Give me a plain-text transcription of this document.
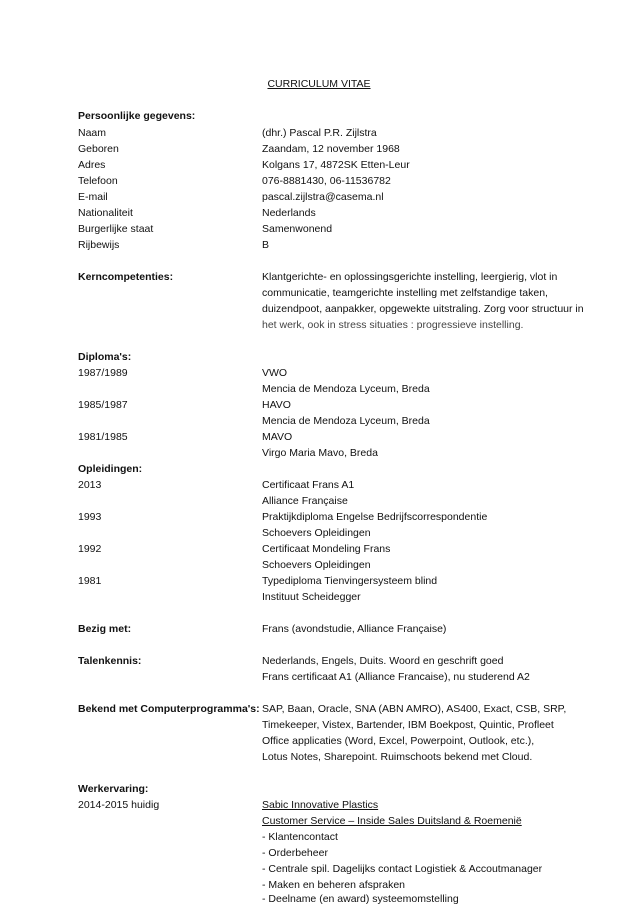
CURRICULUM VITAE
Persoonlijke gegevens:
Naam	(dhr.) Pascal P.R. Zijlstra
Geboren	Zaandam, 12 november 1968
Adres	Kolgans 17, 4872SK Etten-Leur
Telefoon	076-8881430, 06-11536782
E-mail	pascal.zijlstra@casema.nl
Nationaliteit	Nederlands
Burgerlijke staat	Samenwonend
Rijbewijs	B
Kerncompetenties:	Klantgerichte- en oplossingsgerichte instelling, leergierig, vlot in
communicatie, teamgerichte instelling met zelfstandige taken,
duizendpoot, aanpakker, opgewekte uitstraling. Zorg voor structuur in
het werk, ook in stress situaties : progressieve instelling.
Diploma's:
1987/1989	VWO
Mencia de Mendoza Lyceum, Breda
1985/1987	HAVO
Mencia de Mendoza Lyceum, Breda
1981/1985	MAVO
Virgo Maria Mavo, Breda
Opleidingen:
2013	Certificaat Frans A1
Alliance Française
1993	Praktijkdiploma Engelse Bedrijfscorrespondentie
Schoevers Opleidingen
1992	Certificaat Mondeling Frans
Schoevers Opleidingen
1981	Typediploma Tienvingersysteem blind
Instituut Scheidegger
Bezig met:	Frans (avondstudie, Alliance Française)
Talenkennis:	Nederlands, Engels, Duits. Woord en geschrift goed
Frans certificaat A1 (Alliance Francaise), nu studerend A2
Bekend met Computerprogramma's: SAP, Baan, Oracle, SNA (ABN AMRO), AS400, Exact, CSB, SRP,
Timekeeper, Vistex, Bartender, IBM Boekpost, Quintic, Profleet
Office applicaties (Word, Excel, Powerpoint, Outlook, etc.),
Lotus Notes, Sharepoint. Ruimschoots bekend met Cloud.
Werkervaring:
2014-2015 huidig	Sabic Innovative Plastics
Customer Service – Inside Sales Duitsland & Roemenië
- Klantencontact
- Orderbeheer
- Centrale spil. Dagelijks contact Logistiek & Accoutmanager
- Maken en beheren afspraken
- Deelname (en award) systeemomstelling
